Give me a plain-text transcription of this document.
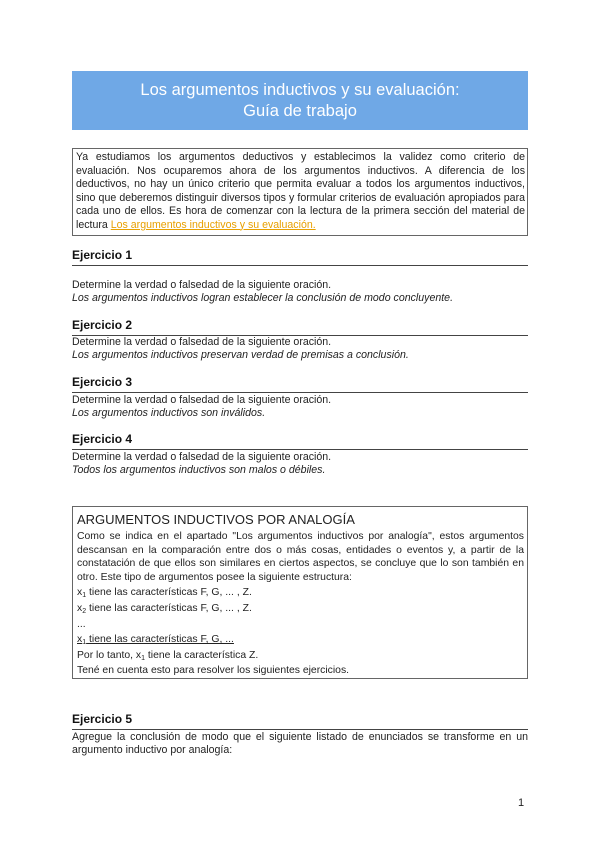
Los argumentos inductivos y su evaluación:
Guía de trabajo
Ya estudiamos los argumentos deductivos y establecimos la validez como criterio de evaluación. Nos ocuparemos ahora de los argumentos inductivos. A diferencia de los deductivos, no hay un único criterio que permita evaluar a todos los argumentos inductivos, sino que deberemos distinguir diversos tipos y formular criterios de evaluación apropiados para cada uno de ellos. Es hora de comenzar con la lectura de la primera sección del material de lectura Los argumentos inductivos y su evaluación.
Ejercicio 1
Determine la verdad o falsedad de la siguiente oración.
Los argumentos inductivos logran establecer la conclusión de modo concluyente.
Ejercicio 2
Determine la verdad o falsedad de la siguiente oración.
Los argumentos inductivos preservan verdad de premisas a conclusión.
Ejercicio 3
Determine la verdad o falsedad de la siguiente oración.
Los argumentos inductivos son inválidos.
Ejercicio 4
Determine la verdad o falsedad de la siguiente oración.
Todos los argumentos inductivos son malos o débiles.
ARGUMENTOS INDUCTIVOS POR ANALOGÍA
Como se indica en el apartado "Los argumentos inductivos por analogía", estos argumentos descansan en la comparación entre dos o más cosas, entidades o eventos y, a partir de la constatación de que ellos son similares en ciertos aspectos, se concluye que lo son también en otro. Este tipo de argumentos posee la siguiente estructura:
$x_1$ tiene las características F, G, ... , Z.
$x_2$ tiene las características F, G, ... , Z.
...
$x_1$ tiene las características F, G, ...
Por lo tanto, $x_1$ tiene la característica Z.
Tené en cuenta esto para resolver los siguientes ejercicios.
Ejercicio 5
Agregue la conclusión de modo que el siguiente listado de enunciados se transforme en un argumento inductivo por analogía:
1
